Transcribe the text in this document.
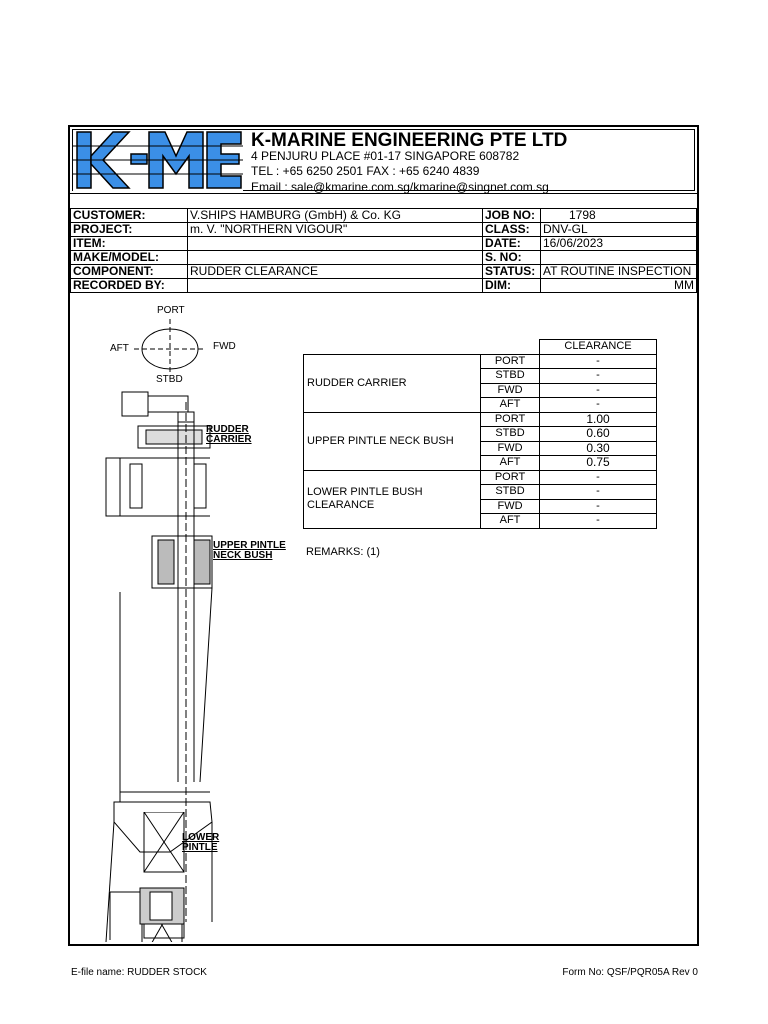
K-MARINE ENGINEERING PTE LTD
4 PENJURU PLACE #01-17 SINGAPORE 608782
TEL : +65 6250 2501 FAX : +65 6240 4839
Email : sale@kmarine.com.sg/kmarine@singnet.com.sg
CUSTOMER:	V.SHIPS HAMBURG (GmbH) & Co. KG	JOB NO:	1798
PROJECT:	m. V. "NORTHERN VIGOUR"	CLASS:	DNV-GL
ITEM:		DATE:	16/06/2023
MAKE/MODEL:		S. NO:	
COMPONENT:	RUDDER CLEARANCE	STATUS:	AT ROUTINE INSPECTION
RECORDED BY:		DIM:	MM
PORT
STBD
AFT	FWD
RUDDER
CARRIER
UPPER PINTLE
NECK BUSH
LOWER
PINTLE
		CLEARANCE
RUDDER CARRIER	PORT	-
	STBD	-
	FWD	-
	AFT	-
UPPER PINTLE NECK BUSH	PORT	1.00
	STBD	0.60
	FWD	0.30
	AFT	0.75
LOWER PINTLE BUSH CLEARANCE	PORT	-
	STBD	-
	FWD	-
	AFT	-
REMARKS: (1)
E-file name: RUDDER STOCK	Form No: QSF/PQR05A Rev 0
